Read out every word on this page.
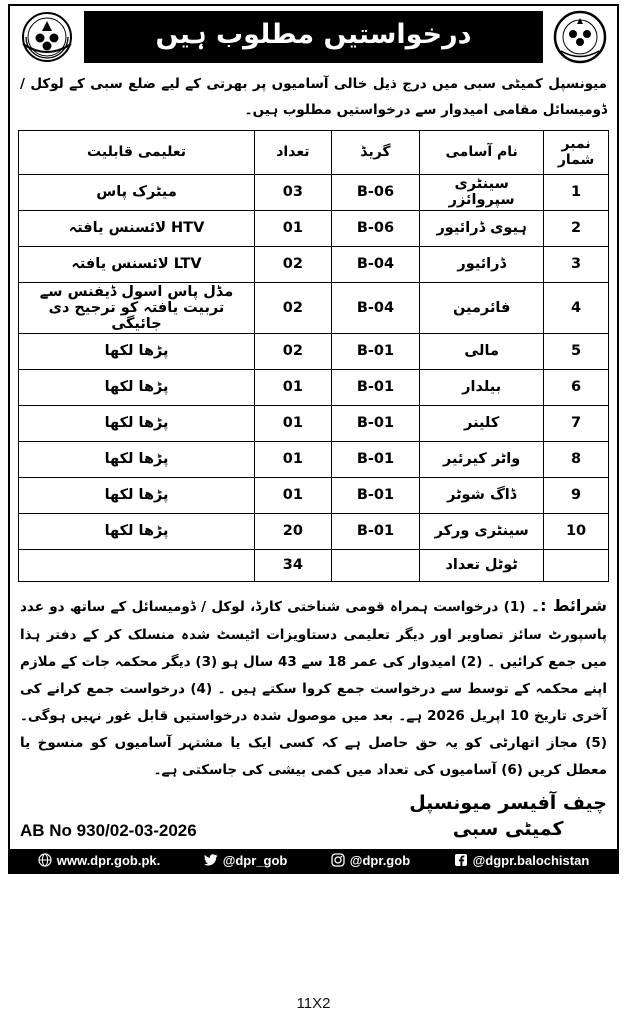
درخواستیں مطلوب ہیں
میونسپل کمیٹی سبی میں درج ذیل خالی آسامیوں پر بھرتی کے لیے ضلع سبی کے لوکل / ڈومیسائل مقامی امیدوار سے درخواستیں مطلوب ہیں۔
نمبر شمار	نام آسامی	گریڈ	تعداد	تعلیمی قابلیت
1	سینٹری سپروائزر	B-06	03	میٹرک پاس
2	ہیوی ڈرائیور	B-06	01	HTV لائسنس یافتہ
3	ڈرائیور	B-04	02	LTV لائسنس یافتہ
4	فائرمین	B-04	02	مڈل پاس اسول ڈیفنس سے تربیت یافتہ کو ترجیح دی جائیگی
5	مالی	B-01	02	پڑھا لکھا
6	بیلدار	B-01	01	پڑھا لکھا
7	کلینر	B-01	01	پڑھا لکھا
8	واٹر کیرئیر	B-01	01	پڑھا لکھا
9	ڈاگ شوٹر	B-01	01	پڑھا لکھا
10	سینٹری ورکر	B-01	20	پڑھا لکھا
	ٹوٹل تعداد		34	
شرائط :۔ (1) درخواست ہمراہ قومی شناختی کارڈ، لوکل / ڈومیسائل کے ساتھ دو عدد پاسپورٹ سائز تصاویر اور دیگر تعلیمی دستاویزات اٹیسٹ شدہ منسلک کر کے دفتر ہذا میں جمع کرائیں ۔ (2) امیدوار کی عمر 18 سے 43 سال ہو (3) دیگر محکمہ جات کے ملازم اپنے محکمہ کے توسط سے درخواست جمع کروا سکتے ہیں ۔ (4) درخواست جمع کرانے کی آخری تاریخ 10 اپریل 2026 ہے۔ بعد میں موصول شدہ درخواستیں قابل غور نہیں ہوگی۔ (5) مجاز اتھارٹی کو یہ حق حاصل ہے کہ کسی ایک یا مشتہر آسامیوں کو منسوخ یا معطل کریں (6) آسامیوں کی تعداد میں کمی بیشی کی جاسکتی ہے۔
چیف آفیسر میونسپل
کمیٹی سبی
AB No 930/02-03-2026
www.dpr.gob.pk.	@dpr_gob	@dpr.gob	@dgpr.balochistan
11X2
